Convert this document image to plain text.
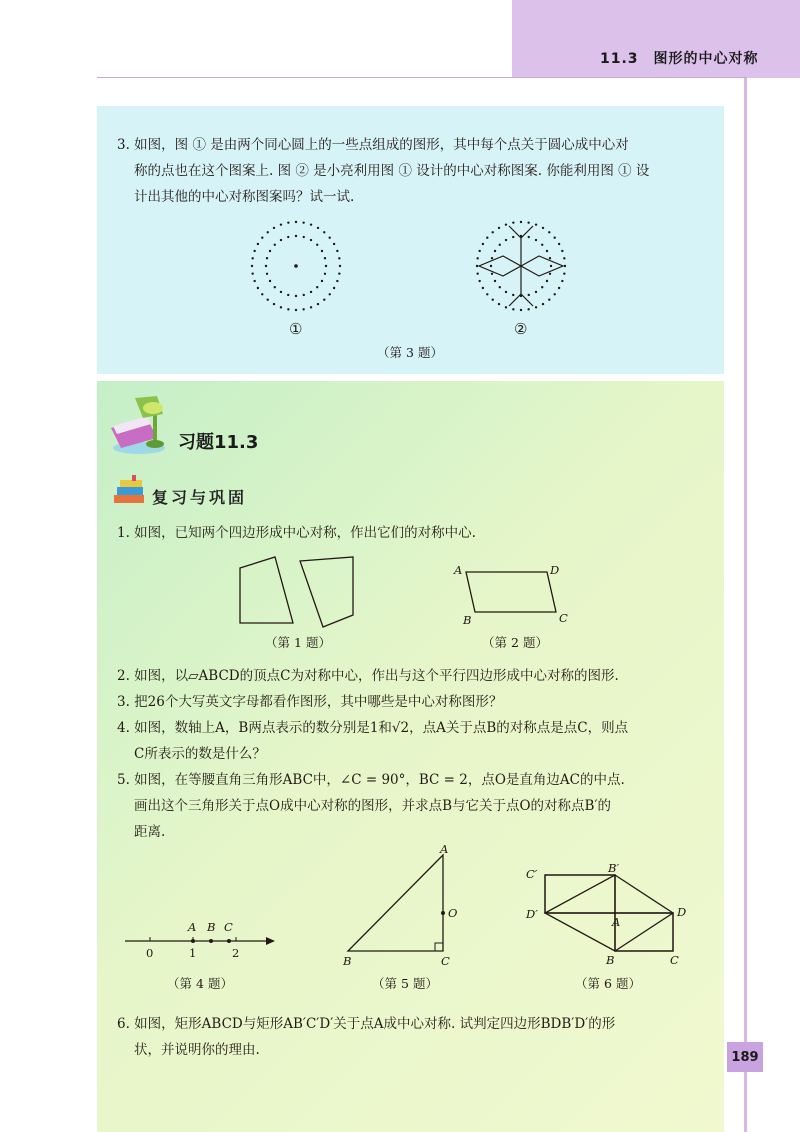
11.3　图形的中心对称
3. 如图，图 ① 是由两个同心圆上的一些点组成的图形，其中每个点关于圆心成中心对
称的点也在这个图案上. 图 ② 是小亮利用图 ① 设计的中心对称图案. 你能利用图 ① 设
计出其他的中心对称图案吗？试一试.
①	②
（第 3 题）
习题11.3
复习与巩固
1. 如图，已知两个四边形成中心对称，作出它们的对称中心.
（第 1 题）
A	D
B	C
（第 2 题）
2. 如图，以▱ABCD的顶点C为对称中心，作出与这个平行四边形成中心对称的图形.
3. 把26个大写英文字母都看作图形，其中哪些是中心对称图形？
4. 如图，数轴上A，B两点表示的数分别是1和√2，点A关于点B的对称点是点C，则点
C所表示的数是什么？
5. 如图，在等腰直角三角形ABC中，∠C = 90°，BC = 2，点O是直角边AC的中点.
画出这个三角形关于点O成中心对称的图形，并求点B与它关于点O的对称点B′的
距离.
A B C
0	1	2
（第 4 题）
A
O
B	C
（第 5 题）
C′	B′
D′
A
D
B	C
（第 6 题）
6. 如图，矩形ABCD与矩形AB′C′D′关于点A成中心对称. 试判定四边形BDB′D′的形
状，并说明你的理由.	189
